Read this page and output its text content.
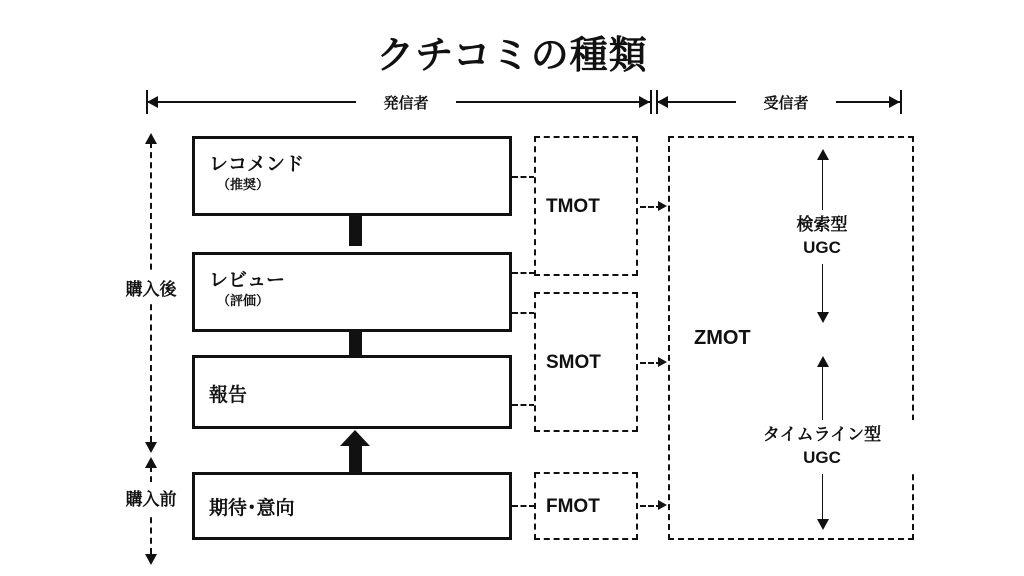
クチコミの種類
発信者	受信者
購入後
購入前
レコメンド
（推奨）
レビュー
（評価）
報告
期待･意向
TMOT
SMOT
FMOT
ZMOT
検索型
UGC
タイムライン型
UGC
